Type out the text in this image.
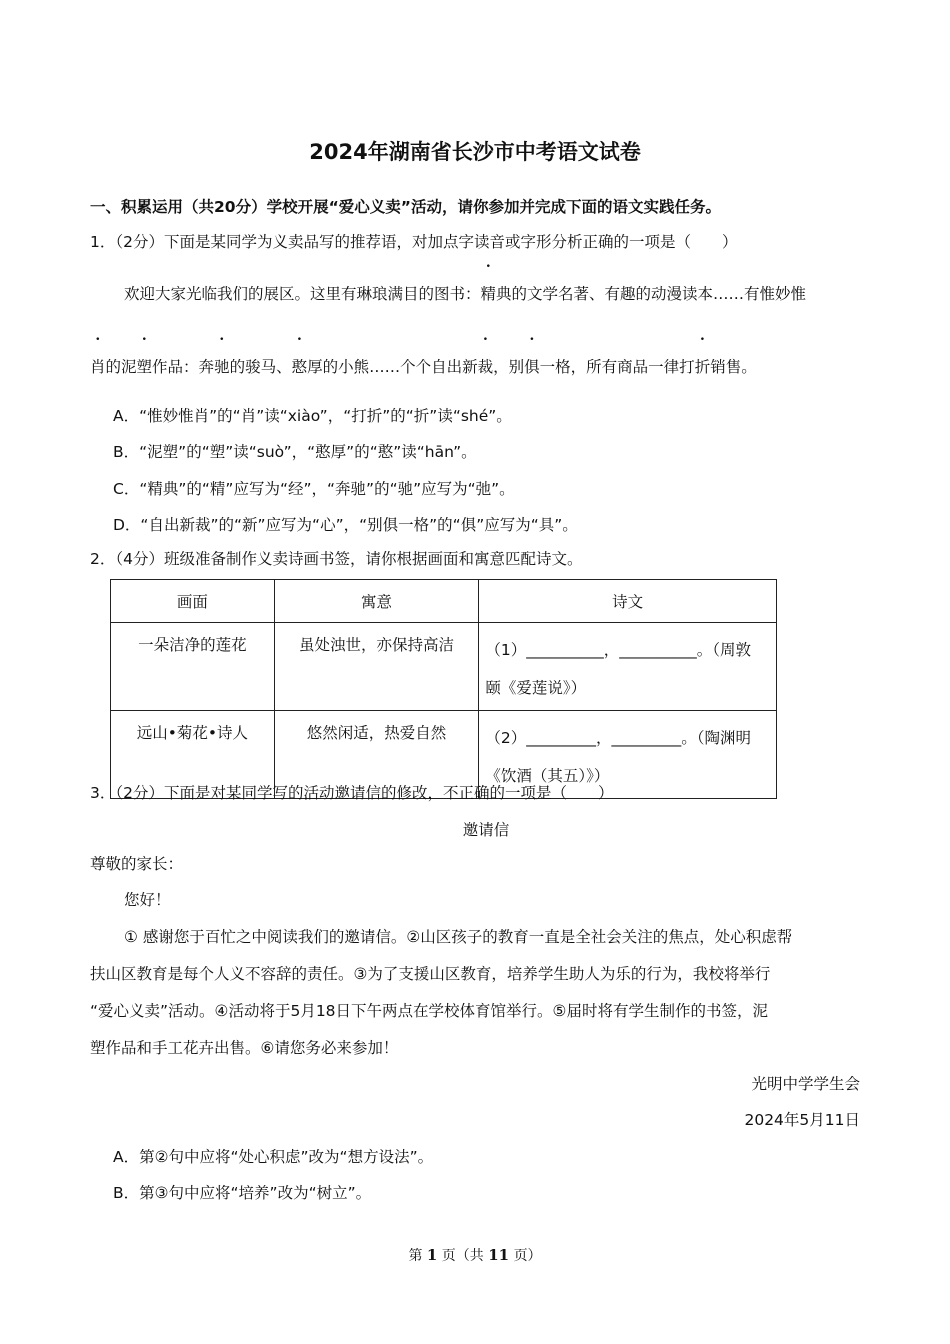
2024年湖南省长沙市中考语文试卷
一、积累运用（共20分）学校开展“爱心义卖”活动，请你参加并完成下面的语文实践任务。
1．（2分）下面是某同学为义卖品写的推荐语，对加点字读音或字形分析正确的一项是（　　）
欢迎大家光临我们的展区。这里有琳琅满目的图书：精典的文学名著、有趣的动漫读本……有惟妙惟
肖的泥塑作品：奔驰的骏马、憨厚的小熊……个个自出新裁，别俱一格，所有商品一律打折销售。
A．“惟妙惟肖”的“肖”读“xiào”，“打折”的“折”读“shé”。
B．“泥塑”的“塑”读“suò”，“憨厚”的“憨”读“hān”。
C．“精典”的“精”应写为“经”，“奔驰”的“驰”应写为“弛”。
D．“自出新裁”的“新”应写为“心”，“别俱一格”的“俱”应写为“具”。
2．（4分）班级准备制作义卖诗画书签，请你根据画面和寓意匹配诗文。
画面	寓意	诗文
一朵洁净的莲花	虽处浊世，亦保持高洁	（1）__________，__________。（周敦
颐《爱莲说》）

远山•菊花•诗人	悠然闲适，热爱自然	（2）_________，_________。（陶渊明
《饮酒（其五）》）
3．（2分）下面是对某同学写的活动邀请信的修改，不正确的一项是（　　）
邀请信
尊敬的家长：
您好！
① 感谢您于百忙之中阅读我们的邀请信。②山区孩子的教育一直是全社会关注的焦点，处心积虑帮
扶山区教育是每个人义不容辞的责任。③为了支援山区教育，培养学生助人为乐的行为，我校将举行
“爱心义卖”活动。④活动将于5月18日下午两点在学校体育馆举行。⑤届时将有学生制作的书签，泥
塑作品和手工花卉出售。⑥请您务必来参加！
光明中学学生会
2024年5月11日
A．第②句中应将“处心积虑”改为“想方设法”。
B．第③句中应将“培养”改为“树立”。
第 1 页（共 11 页）
